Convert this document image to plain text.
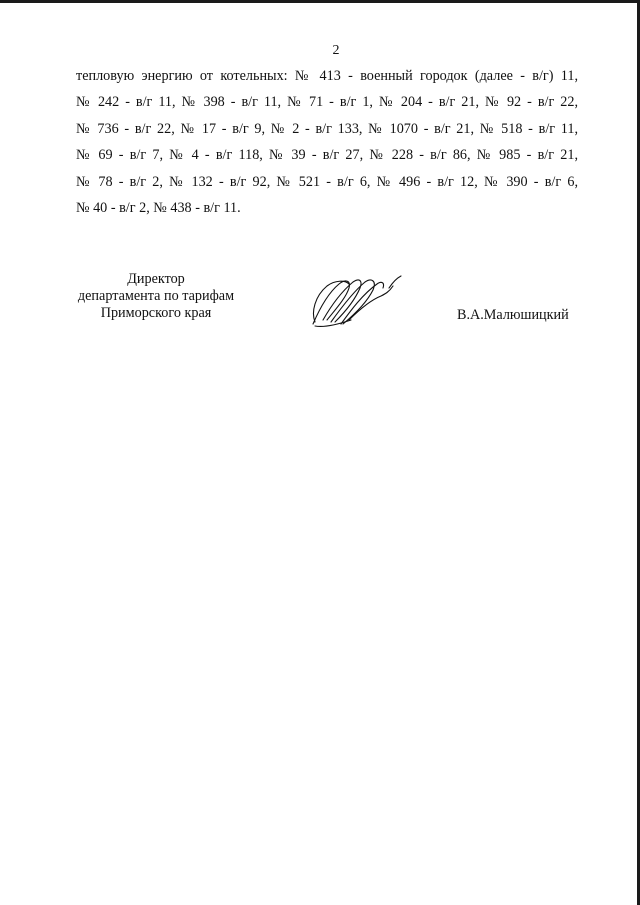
2
тепловую энергию от котельных: № 413 - военный городок (далее - в/г) 11,
№ 242 - в/г 11, № 398 - в/г 11, № 71 - в/г 1, № 204 - в/г 21, № 92 - в/г 22,
№ 736 - в/г 22, № 17 - в/г 9, № 2 - в/г 133, № 1070 - в/г 21, № 518 - в/г 11,
№ 69 - в/г 7, № 4 - в/г 118, № 39 - в/г 27, № 228 - в/г 86, № 985 - в/г 21,
№ 78 - в/г 2, № 132 - в/г 92, № 521 - в/г 6, № 496 - в/г 12, № 390 - в/г 6,
№ 40 - в/г 2, № 438 - в/г 11.
Директор
департамента по тарифам
Приморского края	В.А.Малюшицкий
